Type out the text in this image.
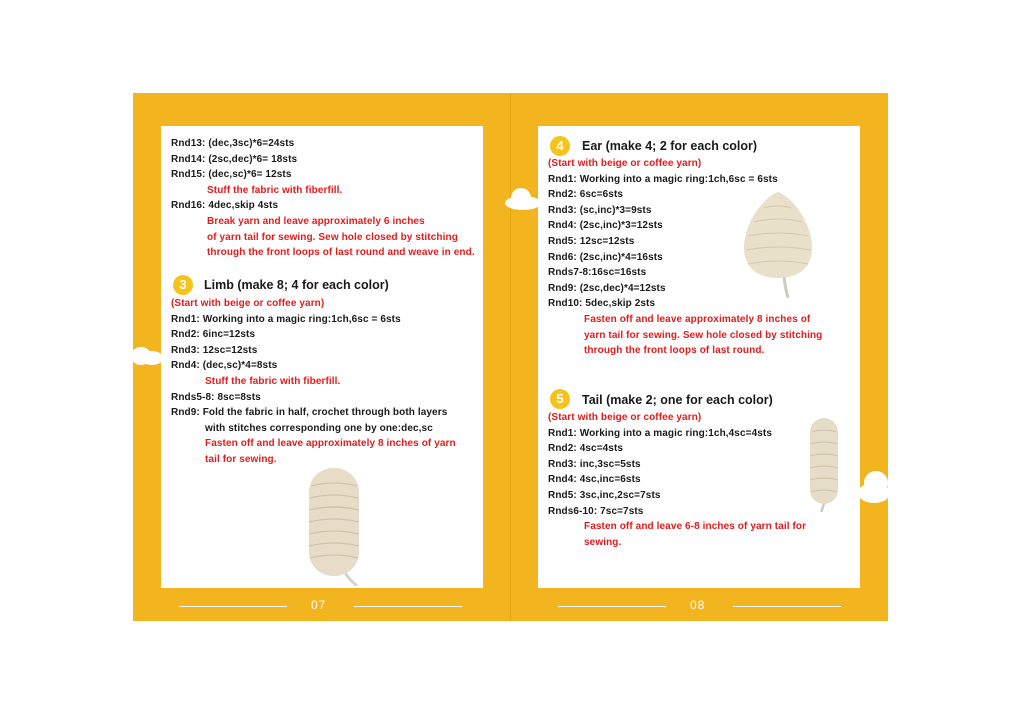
Rnd13: (dec,3sc)*6=24sts
Rnd14: (2sc,dec)*6= 18sts
Rnd15: (dec,sc)*6= 12sts
Stuff the fabric with fiberfill.
Rnd16: 4dec,skip 4sts
Break yarn and leave approximately 6 inches
of yarn tail for sewing. Sew hole closed by stitching
through the front loops of last round and weave in end.
3	Limb (make 8; 4 for each color)
(Start with beige or coffee yarn)
Rnd1: Working into a magic ring:1ch,6sc = 6sts
Rnd2: 6inc=12sts
Rnd3: 12sc=12sts
Rnd4: (dec,sc)*4=8sts
Stuff the fabric with fiberfill.
Rnds5-8: 8sc=8sts
Rnd9: Fold the fabric in half, crochet through both layers
with stitches corresponding one by one:dec,sc
Fasten off and leave approximately 8 inches of yarn
tail for sewing.
4	Ear (make 4; 2 for each color)
(Start with beige or coffee yarn)
Rnd1: Working into a magic ring:1ch,6sc = 6sts
Rnd2: 6sc=6sts
Rnd3: (sc,inc)*3=9sts
Rnd4: (2sc,inc)*3=12sts
Rnd5: 12sc=12sts
Rnd6: (2sc,inc)*4=16sts
Rnds7-8:16sc=16sts
Rnd9: (2sc,dec)*4=12sts
Rnd10: 5dec,skip 2sts
Fasten off and leave approximately 8 inches of
yarn tail for sewing. Sew hole closed by stitching
through the front loops of last round.
5	Tail (make 2; one for each color)
(Start with beige or coffee yarn)
Rnd1: Working into a magic ring:1ch,4sc=4sts
Rnd2: 4sc=4sts
Rnd3: inc,3sc=5sts
Rnd4: 4sc,inc=6sts
Rnd5: 3sc,inc,2sc=7sts
Rnds6-10: 7sc=7sts
Fasten off and leave 6-8 inches of yarn tail for
sewing.
07	08
